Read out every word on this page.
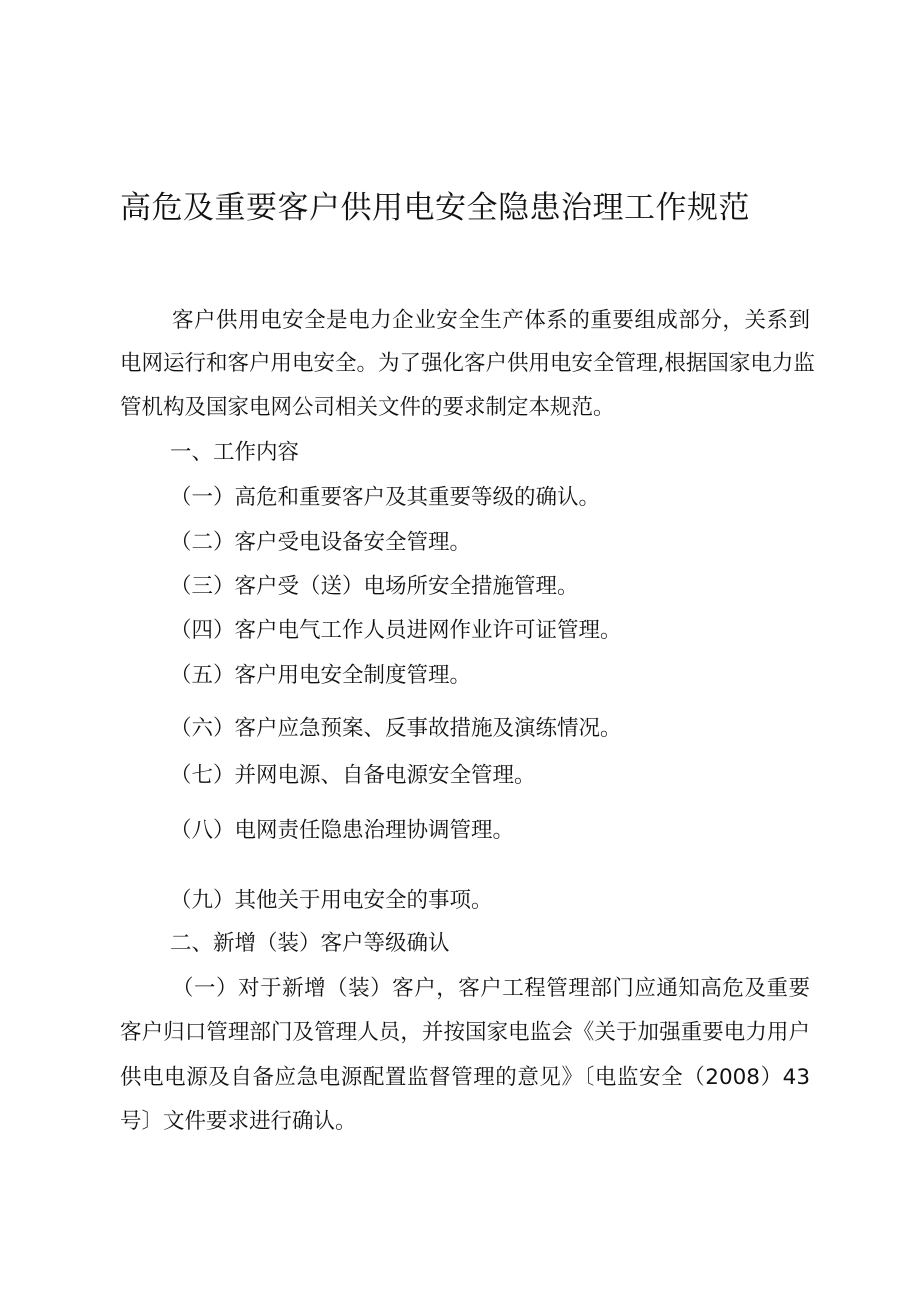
高危及重要客户供用电安全隐患治理工作规范

客户供用电安全是电力企业安全生产体系的重要组成部分，关系到

电网运行和客户用电安全。为了强化客户供用电安全管理,根据国家电力监

管机构及国家电网公司相关文件的要求制定本规范。

一、工作内容

（一）高危和重要客户及其重要等级的确认。

（二）客户受电设备安全管理。

（三）客户受（送）电场所安全措施管理。

（四）客户电气工作人员进网作业许可证管理。

（五）客户用电安全制度管理。

（六）客户应急预案、反事故措施及演练情况。

（七）并网电源、自备电源安全管理。

（八）电网责任隐患治理协调管理。

（九）其他关于用电安全的事项。

二、新增（装）客户等级确认

（一）对于新增（装）客户，客户工程管理部门应通知高危及重要

客户归口管理部门及管理人员，并按国家电监会《关于加强重要电力用户

供电电源及自备应急电源配置监督管理的意见》〔电监安全（2008）43

号〕文件要求进行确认。
